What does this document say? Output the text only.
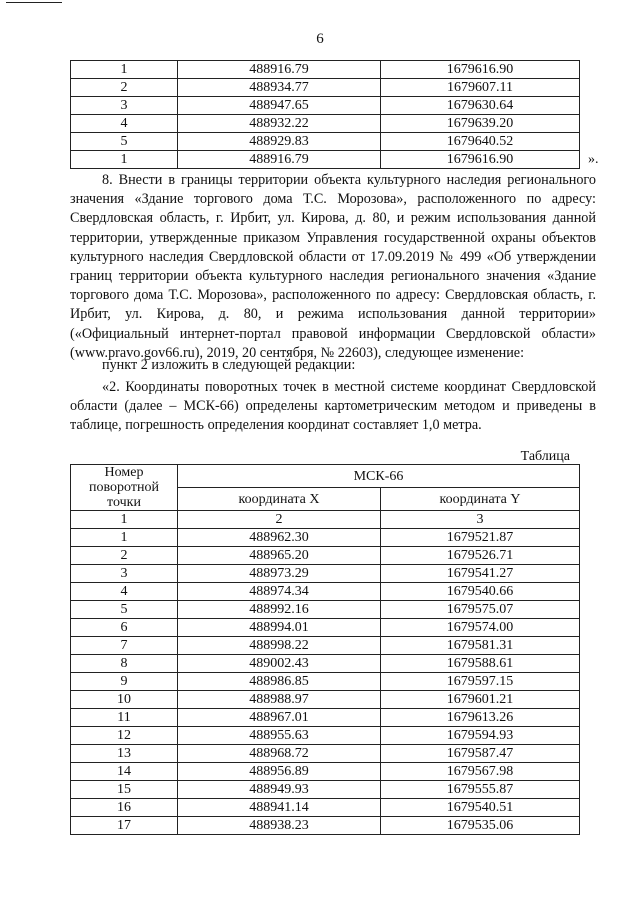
6
1	488916.79	1679616.90
2	488934.77	1679607.11
3	488947.65	1679630.64
4	488932.22	1679639.20
5	488929.83	1679640.52
1	488916.79	1679616.90	».

8. Внести в границы территории объекта культурного наследия регионального значения «Здание торгового дома Т.С. Морозова», расположенного по адресу: Свердловская область, г. Ирбит, ул. Кирова, д. 80, и режим использования данной территории, утвержденные приказом Управления государственной охраны объектов культурного наследия Свердловской области от 17.09.2019 № 499 «Об утверждении границ территории объекта культурного наследия регионального значения «Здание торгового дома Т.С. Морозова», расположенного по адресу: Свердловская область, г. Ирбит, ул. Кирова, д. 80, и режима использования данной территории» («Официальный интернет-портал правовой информации Свердловской области» (www.pravo.gov66.ru), 2019, 20 сентября, № 22603), следующее изменение:

пункт 2 изложить в следующей редакции:

«2. Координаты поворотных точек в местной системе координат Свердловской области (далее – МСК-66) определены картометрическим методом и приведены в таблице, погрешность определения координат составляет 1,0 метра.

Таблица
Номер поворотной точки	МСК-66	
	координата X	координата Y
1	2	3
1	488962.30	1679521.87
2	488965.20	1679526.71
3	488973.29	1679541.27
4	488974.34	1679540.66
5	488992.16	1679575.07
6	488994.01	1679574.00
7	488998.22	1679581.31
8	489002.43	1679588.61
9	488986.85	1679597.15
10	488988.97	1679601.21
11	488967.01	1679613.26
12	488955.63	1679594.93
13	488968.72	1679587.47
14	488956.89	1679567.98
15	488949.93	1679555.87
16	488941.14	1679540.51
17	488938.23	1679535.06
